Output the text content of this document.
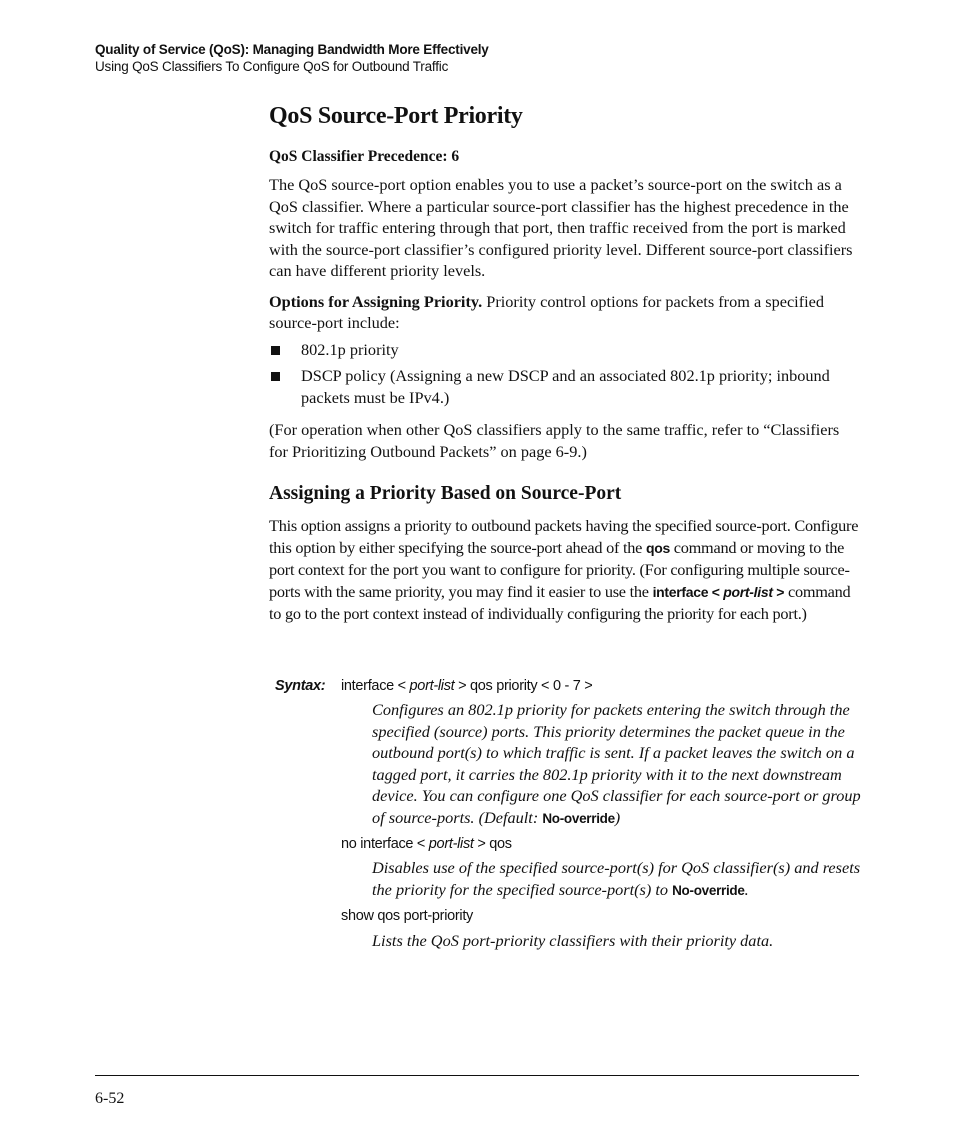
Quality of Service (QoS): Managing Bandwidth More Effectively
Using QoS Classifiers To Configure QoS for Outbound Traffic
QoS Source-Port Priority
QoS Classifier Precedence: 6

The QoS source-port option enables you to use a packet’s source-port on the switch as a QoS classifier. Where a particular source-port classifier has the highest precedence in the switch for traffic entering through that port, then traffic received from the port is marked with the source-port classifier’s configured priority level. Different source-port classifiers can have different priority levels.

Options for Assigning Priority. Priority control options for packets from a specified source-port include:

802.1p priority
DSCP policy (Assigning a new DSCP and an associated 802.1p priority; inbound packets must be IPv4.)

(For operation when other QoS classifiers apply to the same traffic, refer to “Classifiers for Prioritizing Outbound Packets” on page 6-9.)

Assigning a Priority Based on Source-Port

This option assigns a priority to outbound packets having the specified source-port. Configure this option by either specifying the source-port ahead of the qos command or moving to the port context for the port you want to configure for priority. (For configuring multiple source-ports with the same priority, you may find it easier to use the interface < port-list > command to go to the port context instead of individually configuring the priority for each port.)

Syntax: interface < port-list > qos priority < 0 - 7 >
Configures an 802.1p priority for packets entering the switch through the specified (source) ports. This priority determines the packet queue in the outbound port(s) to which traffic is sent. If a packet leaves the switch on a tagged port, it carries the 802.1p priority with it to the next downstream device. You can configure one QoS classifier for each source-port or group of source-ports. (Default: No-override)
no interface < port-list > qos
Disables use of the specified source-port(s) for QoS classifier(s) and resets the priority for the specified source-port(s) to No-override.
show qos port-priority
Lists the QoS port-priority classifiers with their priority data.
6-52
